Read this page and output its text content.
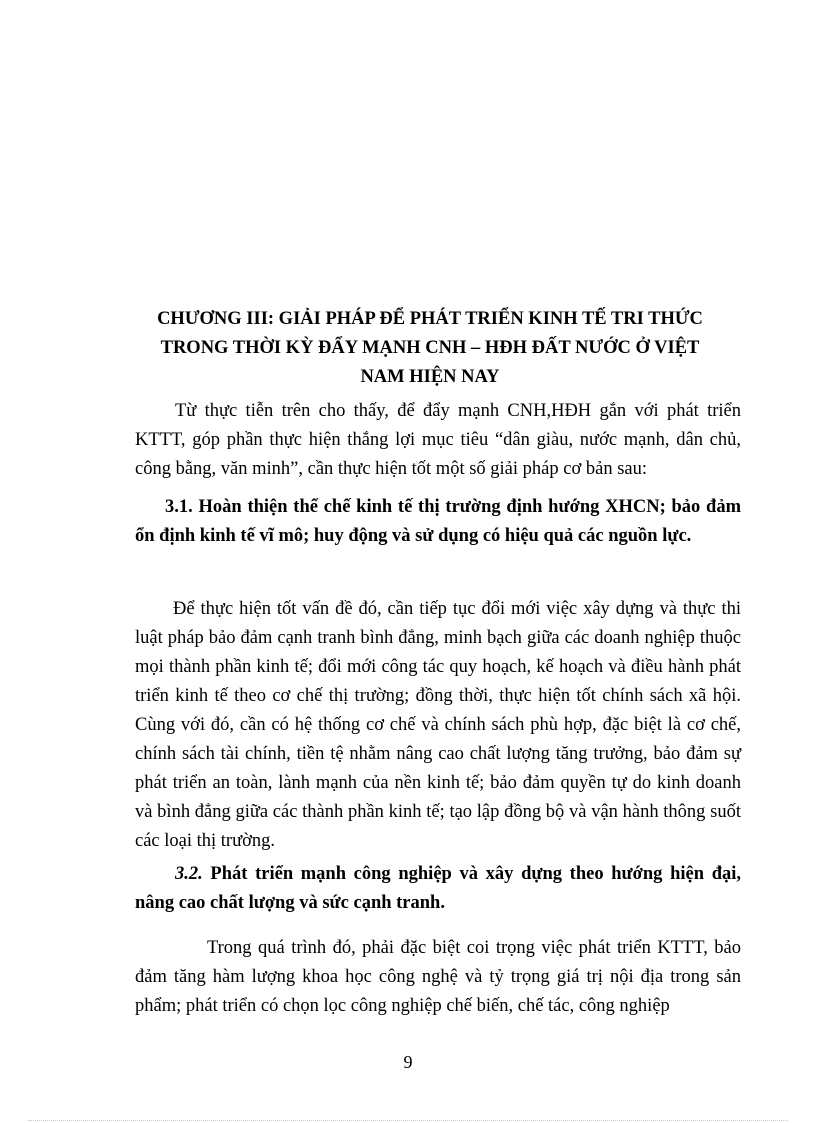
CHƯƠNG III: GIẢI PHÁP ĐỂ PHÁT TRIỂN KINH TẾ TRI THỨC
TRONG THỜI KỲ ĐẨY MẠNH CNH – HĐH ĐẤT NƯỚC Ở VIỆT
NAM HIỆN NAY
Từ thực tiễn trên cho thấy, để đẩy mạnh CNH,HĐH gắn với phát triển KTTT, góp phần thực hiện thắng lợi mục tiêu “dân giàu, nước mạnh, dân chủ, công bằng, văn minh”, cần thực hiện tốt một số giải pháp cơ bản sau:
3.1. Hoàn thiện thể chế kinh tế thị trường định hướng XHCN; bảo đảm ổn định kinh tế vĩ mô; huy động và sử dụng có hiệu quả các nguồn lực.
Để thực hiện tốt vấn đề đó, cần tiếp tục đổi mới việc xây dựng và thực thi luật pháp bảo đảm cạnh tranh bình đẳng, minh bạch giữa các doanh nghiệp thuộc mọi thành phần kinh tế; đổi mới công tác quy hoạch, kế hoạch và điều hành phát triển kinh tế theo cơ chế thị trường; đồng thời, thực hiện tốt chính sách xã hội. Cùng với đó, cần có hệ thống cơ chế và chính sách phù hợp, đặc biệt là cơ chế, chính sách tài chính, tiền tệ nhằm nâng cao chất lượng tăng trưởng, bảo đảm sự phát triển an toàn, lành mạnh của nền kinh tế; bảo đảm quyền tự do kinh doanh và bình đẳng giữa các thành phần kinh tế; tạo lập đồng bộ và vận hành thông suốt các loại thị trường.
3.2. Phát triển mạnh công nghiệp và xây dựng theo hướng hiện đại, nâng cao chất lượng và sức cạnh tranh.
Trong quá trình đó, phải đặc biệt coi trọng việc phát triển KTTT, bảo đảm tăng hàm lượng khoa học công nghệ và tỷ trọng giá trị nội địa trong sản phẩm; phát triển có chọn lọc công nghiệp chế biến, chế tác, công nghiệp
9
